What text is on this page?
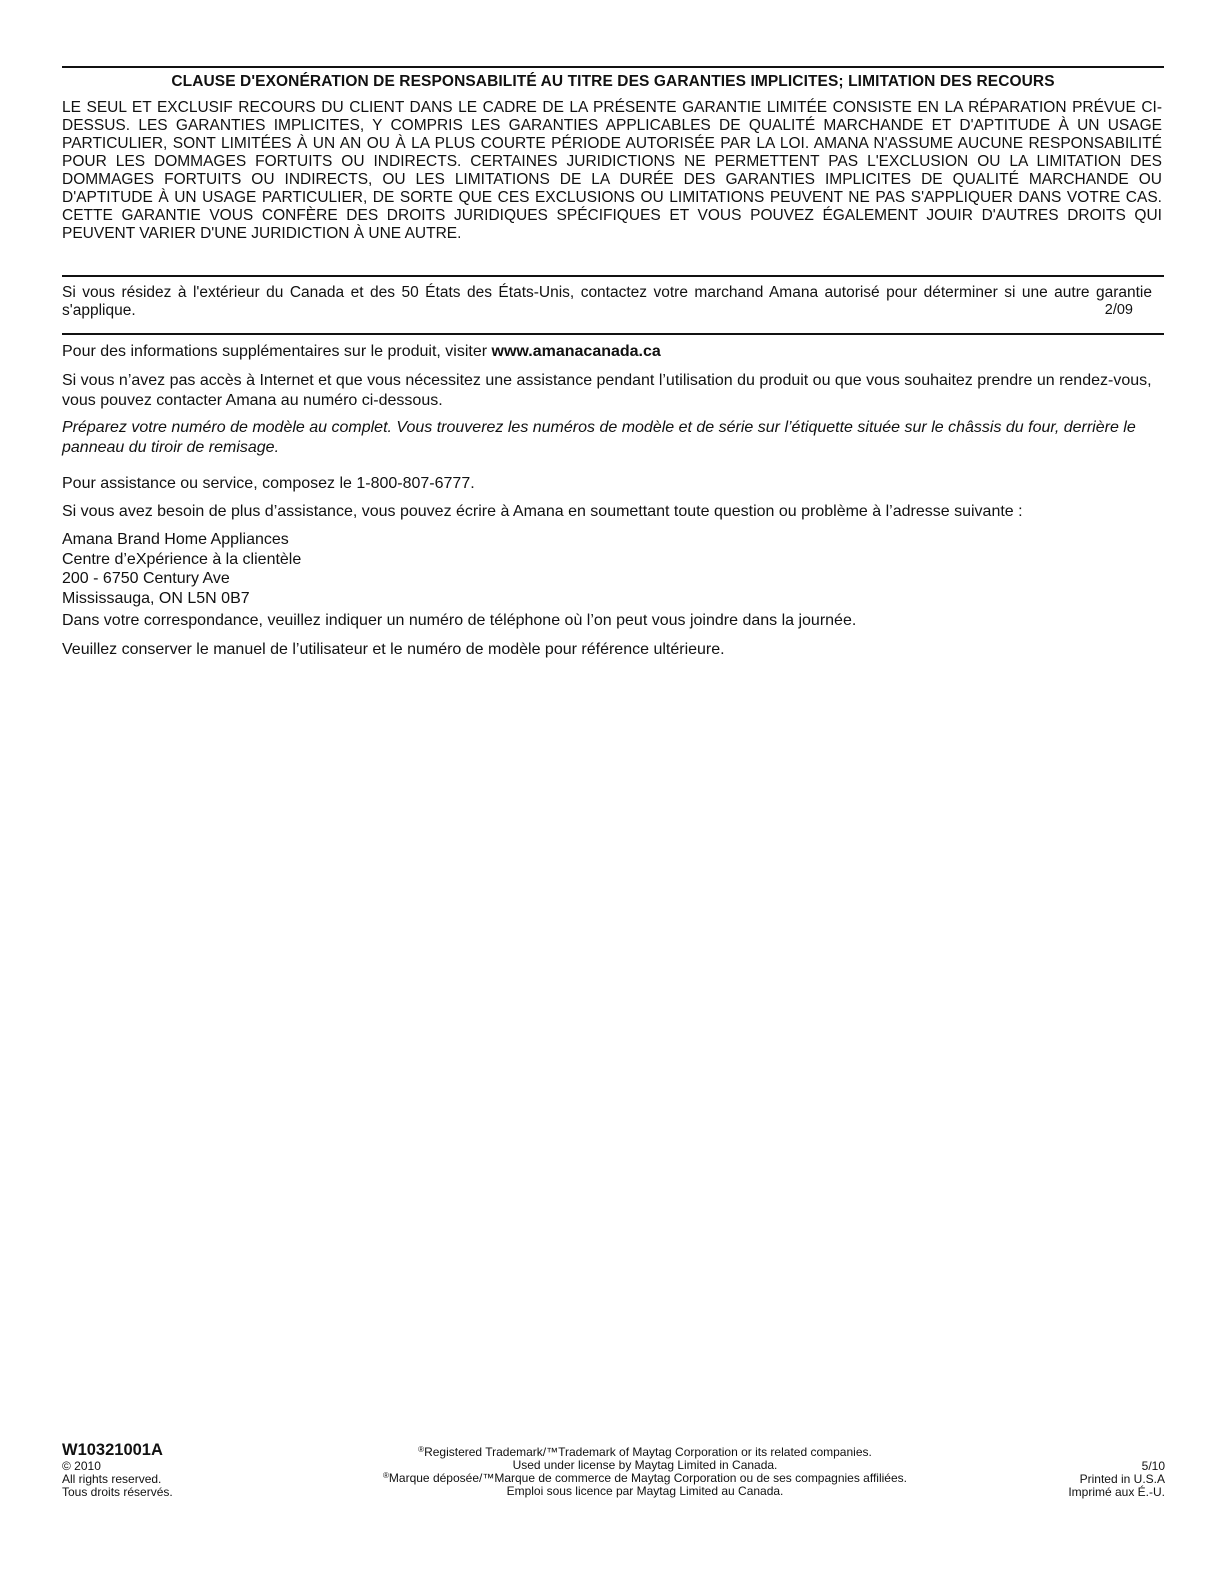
CLAUSE D'EXONÉRATION DE RESPONSABILITÉ AU TITRE DES GARANTIES IMPLICITES; LIMITATION DES RECOURS
LE SEUL ET EXCLUSIF RECOURS DU CLIENT DANS LE CADRE DE LA PRÉSENTE GARANTIE LIMITÉE CONSISTE EN LA RÉPARATION PRÉVUE CI-DESSUS. LES GARANTIES IMPLICITES, Y COMPRIS LES GARANTIES APPLICABLES DE QUALITÉ MARCHANDE ET D'APTITUDE À UN USAGE PARTICULIER, SONT LIMITÉES À UN AN OU À LA PLUS COURTE PÉRIODE AUTORISÉE PAR LA LOI. AMANA N'ASSUME AUCUNE RESPONSABILITÉ POUR LES DOMMAGES FORTUITS OU INDIRECTS. CERTAINES JURIDICTIONS NE PERMETTENT PAS L'EXCLUSION OU LA LIMITATION DES DOMMAGES FORTUITS OU INDIRECTS, OU LES LIMITATIONS DE LA DURÉE DES GARANTIES IMPLICITES DE QUALITÉ MARCHANDE OU D'APTITUDE À UN USAGE PARTICULIER, DE SORTE QUE CES EXCLUSIONS OU LIMITATIONS PEUVENT NE PAS S'APPLIQUER DANS VOTRE CAS. CETTE GARANTIE VOUS CONFÈRE DES DROITS JURIDIQUES SPÉCIFIQUES ET VOUS POUVEZ ÉGALEMENT JOUIR D'AUTRES DROITS QUI PEUVENT VARIER D'UNE JURIDICTION À UNE AUTRE.
Si vous résidez à l'extérieur du Canada et des 50 États des États-Unis, contactez votre marchand Amana autorisé pour déterminer si une autre garantie s'applique.	2/09
Pour des informations supplémentaires sur le produit, visiter www.amanacanada.ca
Si vous n’avez pas accès à Internet et que vous nécessitez une assistance pendant l’utilisation du produit ou que vous souhaitez prendre un rendez-vous, vous pouvez contacter Amana au numéro ci-dessous.
Préparez votre numéro de modèle au complet. Vous trouverez les numéros de modèle et de série sur l’étiquette située sur le châssis du four, derrière le panneau du tiroir de remisage.
Pour assistance ou service, composez le 1-800-807-6777.
Si vous avez besoin de plus d’assistance, vous pouvez écrire à Amana en soumettant toute question ou problème à l’adresse suivante :
Amana Brand Home Appliances
Centre d’eXpérience à la clientèle
200 - 6750 Century Ave
Mississauga, ON L5N 0B7
Dans votre correspondance, veuillez indiquer un numéro de téléphone où l’on peut vous joindre dans la journée.
Veuillez conserver le manuel de l’utilisateur et le numéro de modèle pour référence ultérieure.
W10321001A
© 2010
All rights reserved.
Tous droits réservés.
®Registered Trademark/™Trademark of Maytag Corporation or its related companies.
Used under license by Maytag Limited in Canada.
®Marque déposée/™Marque de commerce de Maytag Corporation ou de ses compagnies affiliées.
Emploi sous licence par Maytag Limited au Canada.
5/10
Printed in U.S.A
Imprimé aux É.-U.
